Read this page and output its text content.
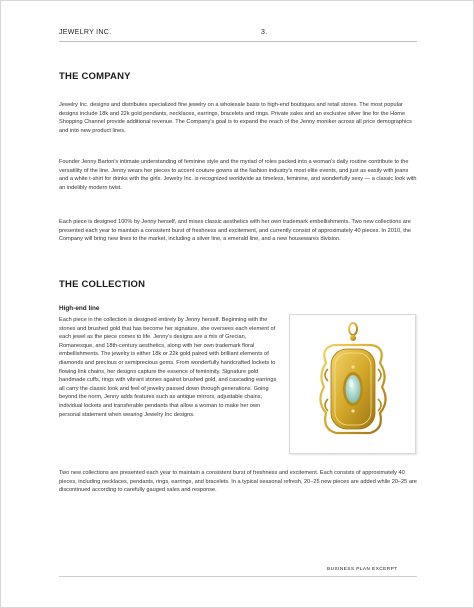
JEWELRY INC.	3.
THE COMPANY

Jewelry Inc. designs and distributes specialized fine jewelry on a wholesale basis to high-end boutiques and retail stores. The most popular designs include 18k and 22k gold pendants, necklaces, earrings, bracelets and rings. Private sales and an exclusive silver line for the Home Shopping Channel provide additional revenue. The Company's goal is to expand the reach of the Jenny moniker across all price demographics and into new product lines.

Founder Jenny Barton's intimate understanding of feminine style and the myriad of roles packed into a woman's daily routine contribute to the versatility of the line. Jenny wears her pieces to accent couture gowns at the fashion industry's most elite events, and just as easily with jeans and a white t-shirt for drinks with the girls. Jewelry Inc. is recognized worldwide as timeless, feminine, and wonderfully sexy — a classic look with an indelibly modern twist.

Each piece is designed 100% by Jenny herself, and mixes classic aesthetics with her own trademark embellishments. Two new collections are presented each year to maintain a consistent burst of freshness and excitement, and currently consist of approximately 40 pieces. In 2010, the Company will bring new lines to the market, including a silver line, a emerald line, and a new housewares division.

THE COLLECTION
High-end line

Each piece in the collection is designed entirely by Jenny herself. Beginning with the stones and brushed gold that has become her signature, she oversees each element of each jewel as the piece comes to life. Jenny's designs are a mix of Grecian, Romanesque, and 18th-century aesthetics, along with her own trademark floral embellishments. The jewelry is either 18k or 22k gold paired with brilliant elements of diamonds and precious or semiprecious gems. From wonderfully handcrafted lockets to flowing link chains, her designs capture the essence of femininity. Signature gold handmade cuffs, rings with vibrant stones against brushed gold, and cascading earrings all carry the classic look and feel of jewelry passed down through generations. Going beyond the norm, Jenny adds features such as antique mirrors, adjustable chains, individual lockets and transferable pendants that allow a woman to make her own personal statement when wearing Jewelry Inc designs.

Two new collections are presented each year to maintain a consistent burst of freshness and excitement. Each consists of approximately 40 pieces, including necklaces, pendants, rings, earrings, and bracelets. In a typical seasonal refresh, 20–25 new pieces are added while 20–25 are discontinued according to carefully gauged sales and response.

BUSINESS PLAN EXCERPT
